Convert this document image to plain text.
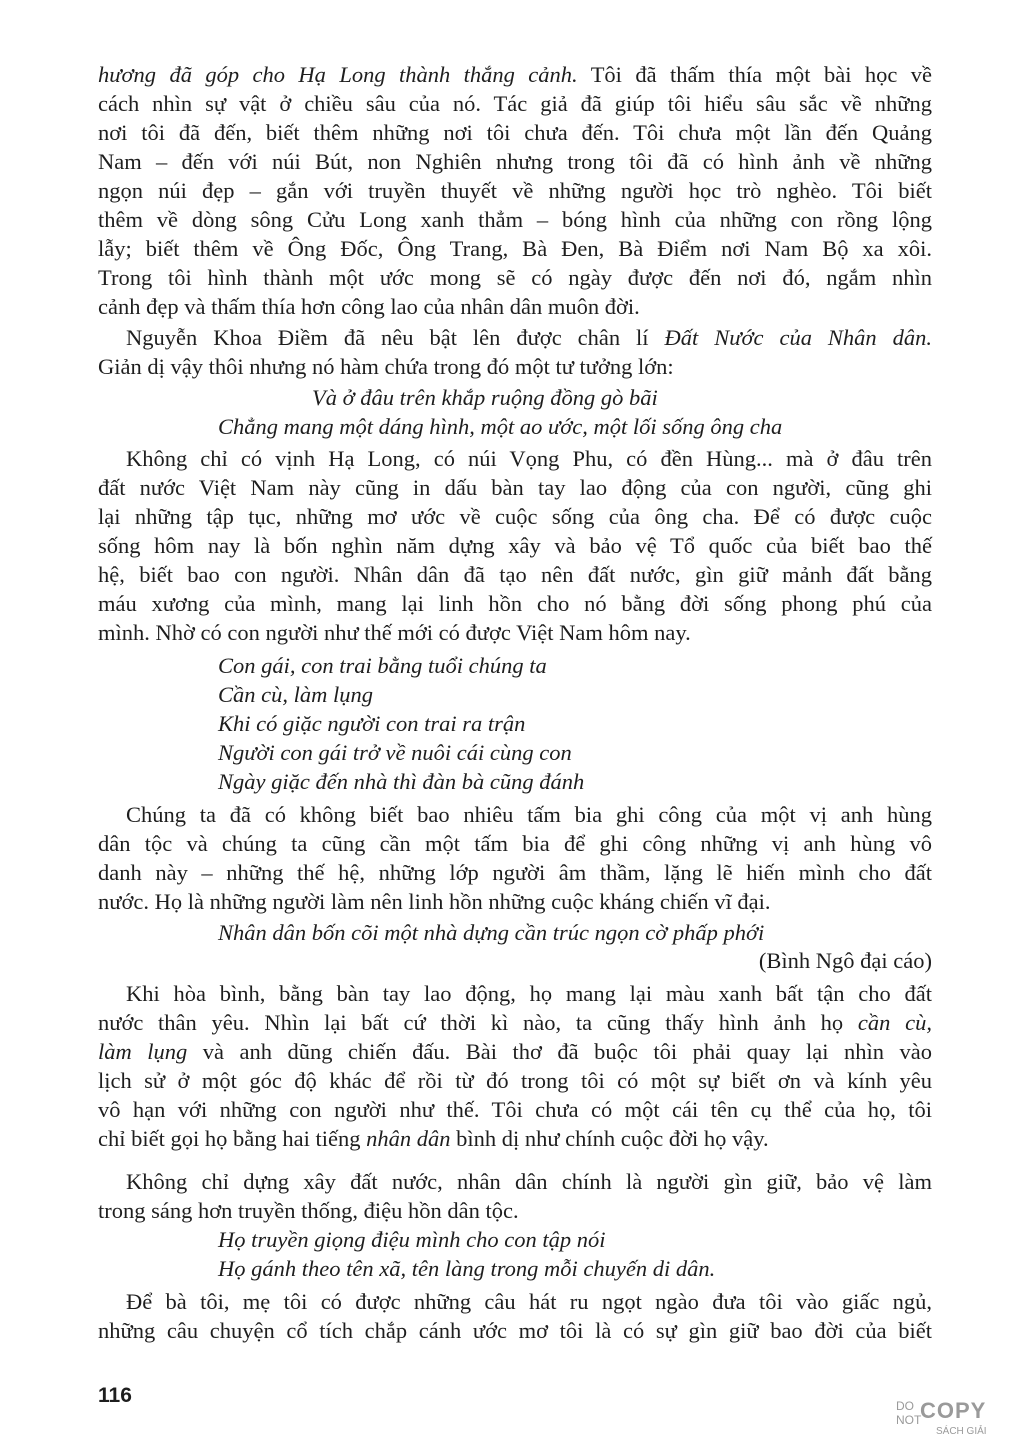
hương đã góp cho Hạ Long thành thắng cảnh. Tôi đã thấm thía một bài học về
cách nhìn sự vật ở chiều sâu của nó. Tác giả đã giúp tôi hiểu sâu sắc về những
nơi tôi đã đến, biết thêm những nơi tôi chưa đến. Tôi chưa một lần đến Quảng
Nam – đến với núi Bút, non Nghiên nhưng trong tôi đã có hình ảnh về những
ngọn núi đẹp – gắn với truyền thuyết về những người học trò nghèo. Tôi biết
thêm về dòng sông Cửu Long xanh thẳm – bóng hình của những con rồng lộng
lẫy; biết thêm về Ông Đốc, Ông Trang, Bà Đen, Bà Điểm nơi Nam Bộ xa xôi.
Trong tôi hình thành một ước mong sẽ có ngày được đến nơi đó, ngắm nhìn
cảnh đẹp và thấm thía hơn công lao của nhân dân muôn đời.
Nguyễn Khoa Điềm đã nêu bật lên được chân lí Đất Nước của Nhân dân.
Giản dị vậy thôi nhưng nó hàm chứa trong đó một tư tưởng lớn:
Và ở đâu trên khắp ruộng đồng gò bãi
Chẳng mang một dáng hình, một ao ước, một lối sống ông cha
Không chỉ có vịnh Hạ Long, có núi Vọng Phu, có đền Hùng... mà ở đâu trên
đất nước Việt Nam này cũng in dấu bàn tay lao động của con người, cũng ghi
lại những tập tục, những mơ ước về cuộc sống của ông cha. Để có được cuộc
sống hôm nay là bốn nghìn năm dựng xây và bảo vệ Tổ quốc của biết bao thế
hệ, biết bao con người. Nhân dân đã tạo nên đất nước, gìn giữ mảnh đất bằng
máu xương của mình, mang lại linh hồn cho nó bằng đời sống phong phú của
mình. Nhờ có con người như thế mới có được Việt Nam hôm nay.
Con gái, con trai bằng tuổi chúng ta
Cần cù, làm lụng
Khi có giặc người con trai ra trận
Người con gái trở về nuôi cái cùng con
Ngày giặc đến nhà thì đàn bà cũng đánh
Chúng ta đã có không biết bao nhiêu tấm bia ghi công của một vị anh hùng
dân tộc và chúng ta cũng cần một tấm bia để ghi công những vị anh hùng vô
danh này – những thế hệ, những lớp người âm thầm, lặng lẽ hiến mình cho đất
nước. Họ là những người làm nên linh hồn những cuộc kháng chiến vĩ đại.
Nhân dân bốn cõi một nhà dựng cần trúc ngọn cờ phấp phới
(Bình Ngô đại cáo)
Khi hòa bình, bằng bàn tay lao động, họ mang lại màu xanh bất tận cho đất
nước thân yêu. Nhìn lại bất cứ thời kì nào, ta cũng thấy hình ảnh họ cần cù,
làm lụng và anh dũng chiến đấu. Bài thơ đã buộc tôi phải quay lại nhìn vào
lịch sử ở một góc độ khác để rồi từ đó trong tôi có một sự biết ơn và kính yêu
vô hạn với những con người như thế. Tôi chưa có một cái tên cụ thể của họ, tôi
chỉ biết gọi họ bằng hai tiếng nhân dân bình dị như chính cuộc đời họ vậy.
Không chỉ dựng xây đất nước, nhân dân chính là người gìn giữ, bảo vệ làm
trong sáng hơn truyền thống, điệu hồn dân tộc.
Họ truyền giọng điệu mình cho con tập nói
Họ gánh theo tên xã, tên làng trong mỗi chuyến di dân.
Để bà tôi, mẹ tôi có được những câu hát ru ngọt ngào đưa tôi vào giấc ngủ,
những câu chuyện cổ tích chắp cánh ước mơ tôi là có sự gìn giữ bao đời của biết
116	DO
NOT
COPY
SÁCH GIẢI
